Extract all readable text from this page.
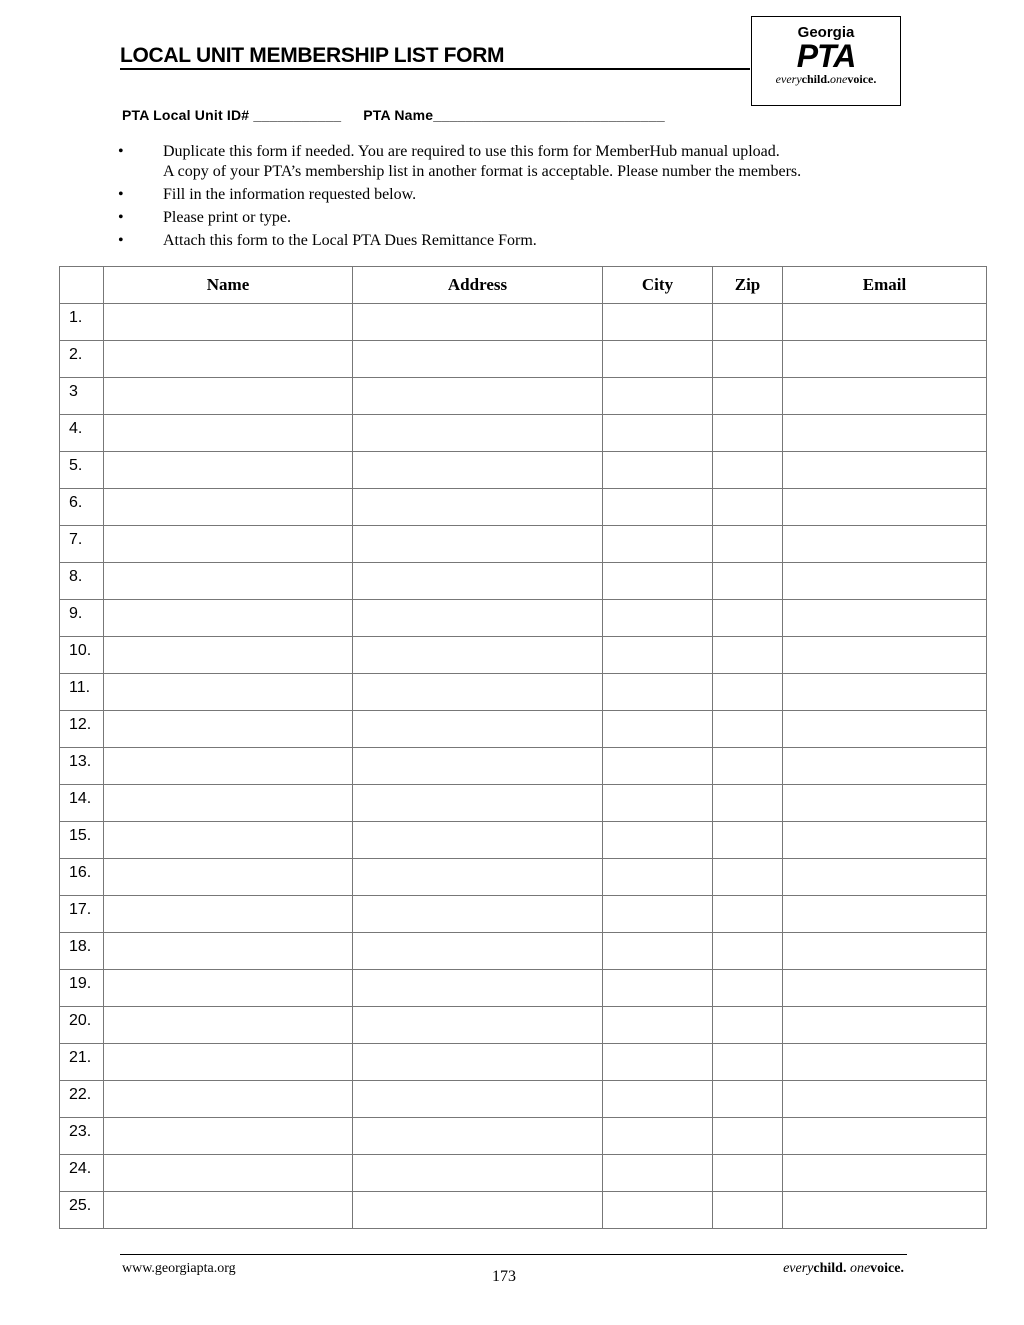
LOCAL UNIT MEMBERSHIP LIST FORM
Georgia
PTA
everychild.onevoice.
PTA Local Unit ID# ___________ PTA Name_____________________________
• Duplicate this form if needed. You are required to use this form for MemberHub manual upload.
A copy of your PTA’s membership list in another format is acceptable. Please number the members.
• Fill in the information requested below.
• Please print or type.
• Attach this form to the Local PTA Dues Remittance Form.
	Name	Address	City	Zip	Email
1.					
2.					
3					
4.					
5.					
6.					
7.					
8.					
9.					
10.					
11.					
12.					
13.					
14.					
15.					
16.					
17.					
18.					
19.					
20.					
21.					
22.					
23.					
24.					
25.					
www.georgiapta.org	173	everychild. onevoice.
